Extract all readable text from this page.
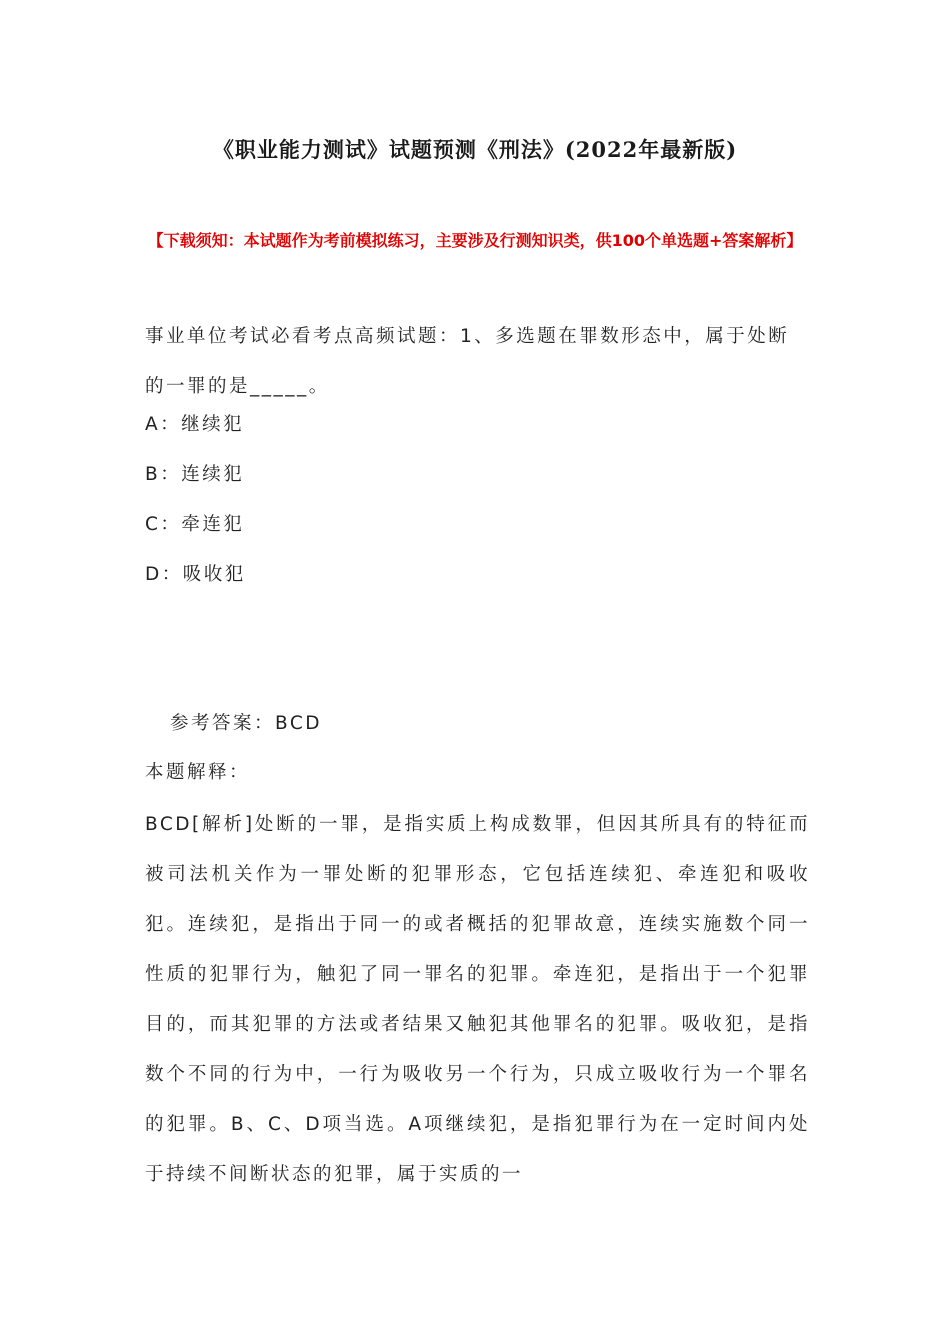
《职业能力测试》试题预测《刑法》(2022年最新版)
【下载须知：本试题作为考前模拟练习，主要涉及行测知识类，供100个单选题+答案解析】
事业单位考试必看考点高频试题：1、多选题在罪数形态中，属于处断的一罪的是_____。
A：继续犯
B：连续犯
C：牵连犯
D：吸收犯
参考答案：BCD
本题解释：
BCD[解析]处断的一罪，是指实质上构成数罪，但因其所具有的特征而被司法机关作为一罪处断的犯罪形态，它包括连续犯、牵连犯和吸收犯。连续犯，是指出于同一的或者概括的犯罪故意，连续实施数个同一性质的犯罪行为，触犯了同一罪名的犯罪。牵连犯，是指出于一个犯罪目的，而其犯罪的方法或者结果又触犯其他罪名的犯罪。吸收犯，是指数个不同的行为中，一行为吸收另一个行为，只成立吸收行为一个罪名的犯罪。B、C、D项当选。A项继续犯，是指犯罪行为在一定时间内处于持续不间断状态的犯罪，属于实质的一
